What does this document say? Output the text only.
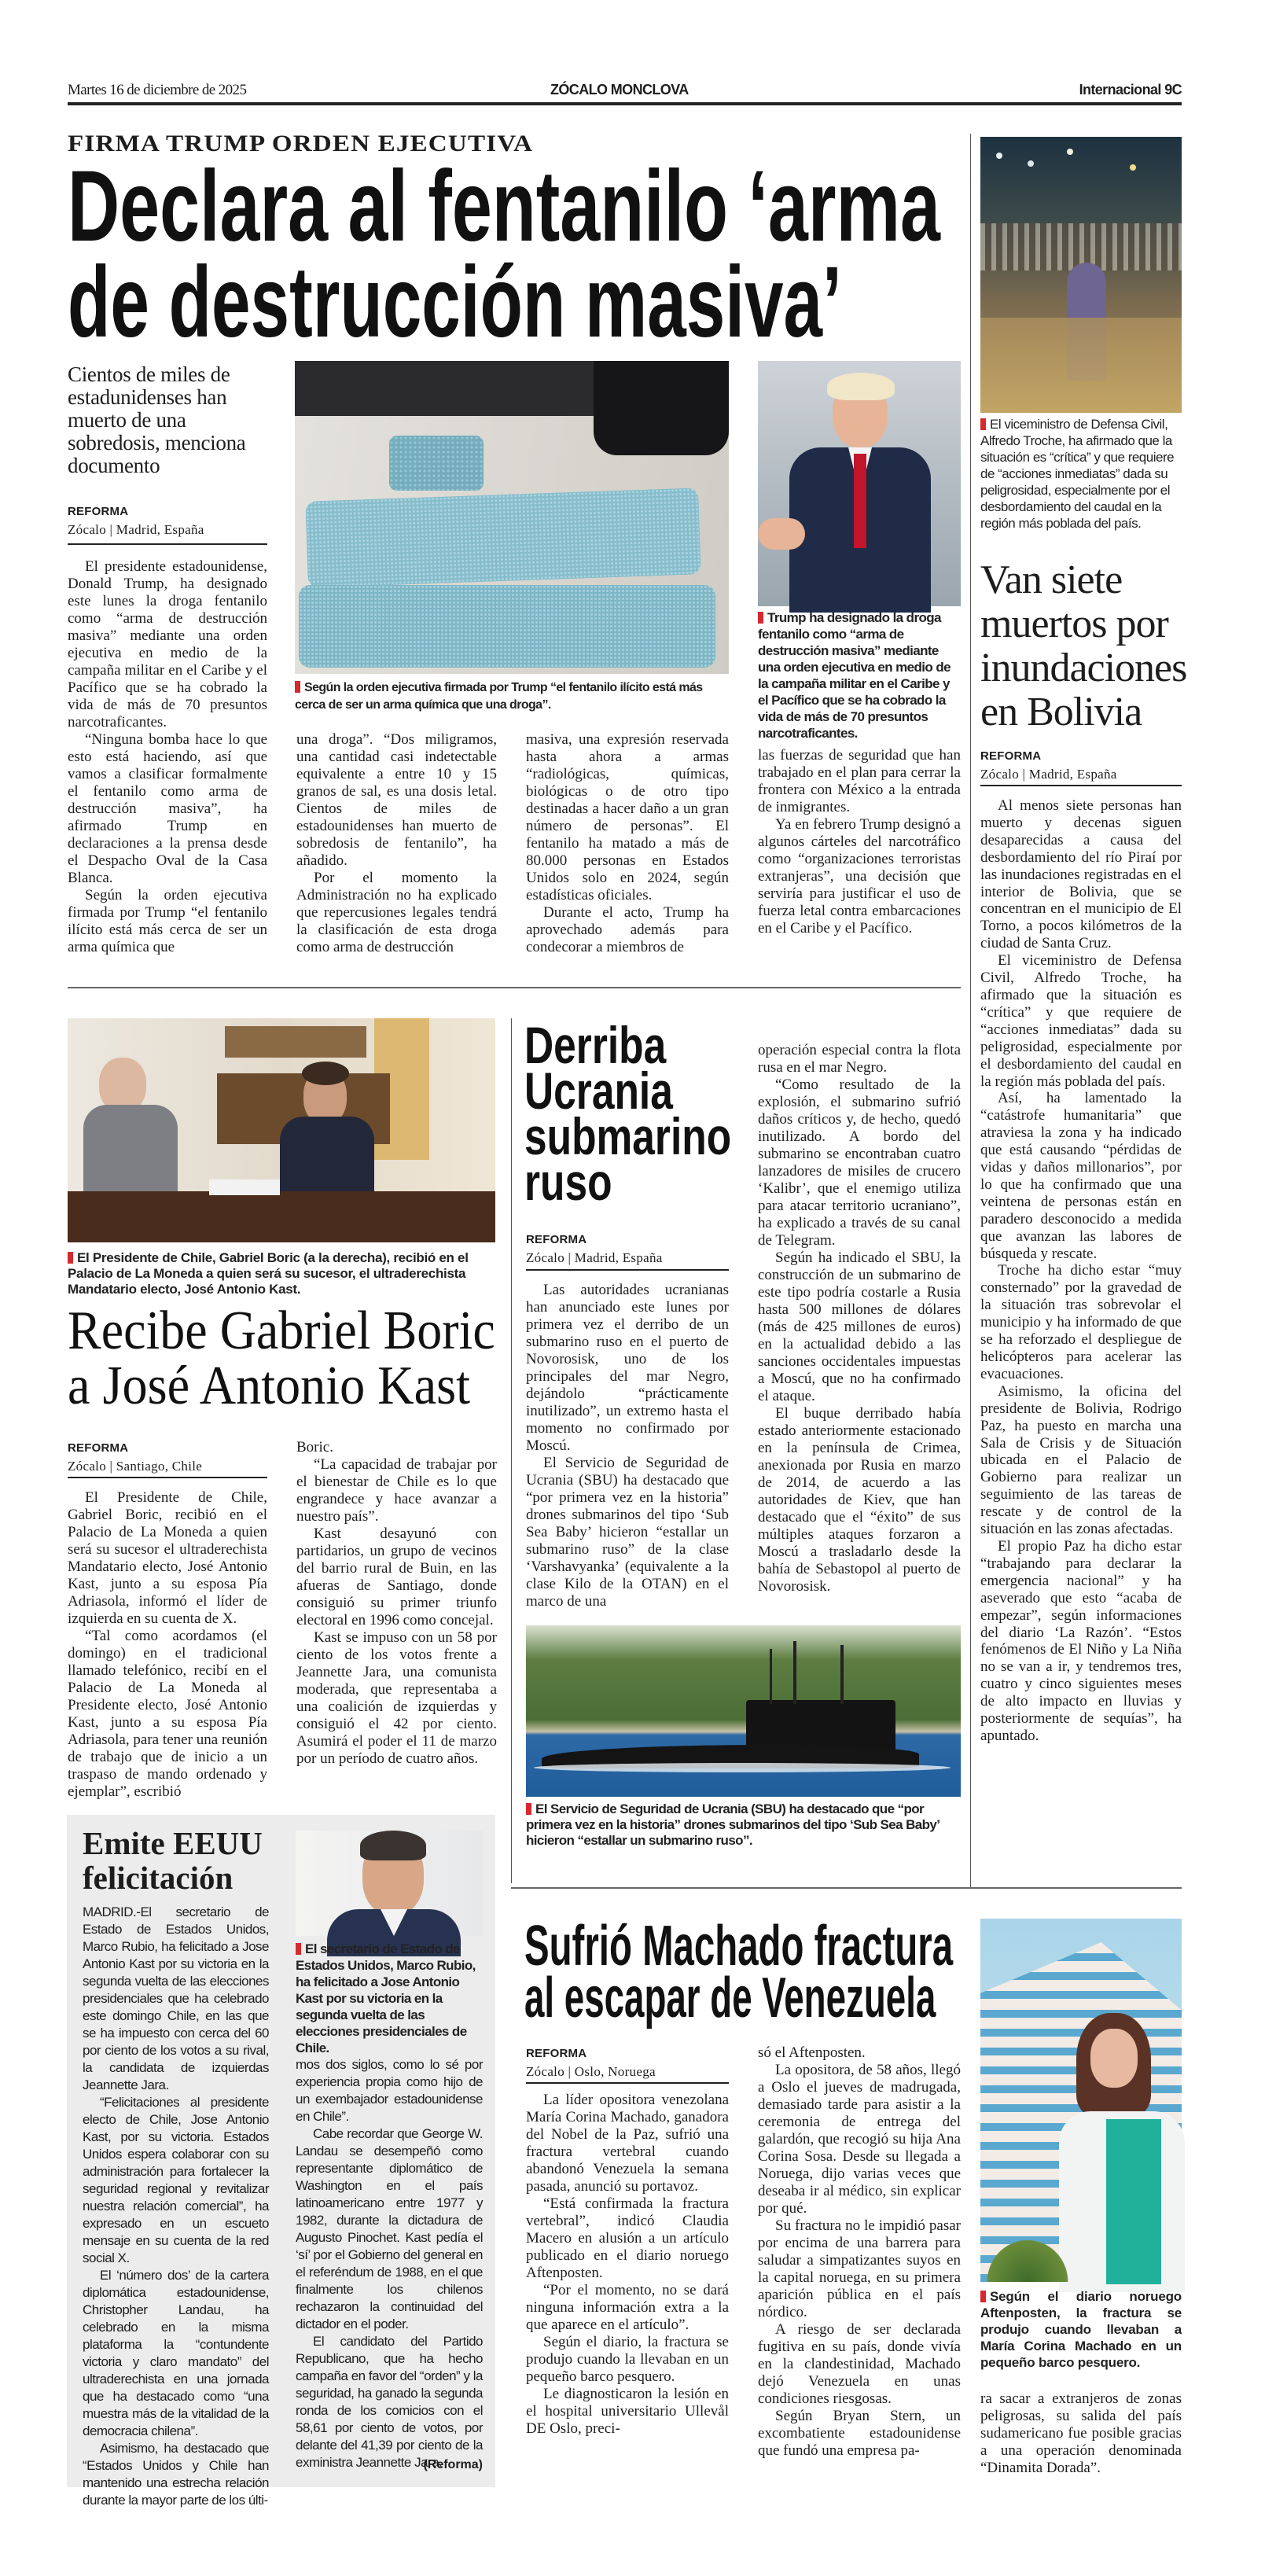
Martes 16 de diciembre de 2025	ZÓCALO MONCLOVA	Internacional 9C
FIRMA TRUMP ORDEN EJECUTIVA
Declara al fentanilo ‘arma
de destrucción masiva’
Cientos de miles de estadunidenses han muerto de una sobredosis, menciona documento
REFORMA
Zócalo | Madrid, España
Según la orden ejecutiva firmada por Trump “el fentanilo ilícito está más cerca de ser un arma química que una droga”.
Trump ha designado la droga fentanilo como “arma de destrucción masiva” mediante una orden ejecutiva en medio de la campaña militar en el Caribe y el Pacífico que se ha cobrado la vida de más de 70 presuntos narcotraficantes.

El presidente estadounidense, Donald Trump, ha designado este lunes la droga fentanilo como “arma de destrucción masiva” mediante una orden ejecutiva en medio de la campaña militar en el Caribe y el Pacífico que se ha cobrado la vida de más de 70 presuntos narcotraficantes.

“Ninguna bomba hace lo que esto está haciendo, así que vamos a clasificar formalmente el fentanilo como arma de destrucción masiva”, ha afirmado Trump en declaraciones a la prensa desde el Despacho Oval de la Casa Blanca.

Según la orden ejecutiva firmada por Trump “el fentanilo ilícito está más cerca de ser un arma química que

una droga”. “Dos miligramos, una cantidad casi indetectable equivalente a entre 10 y 15 granos de sal, es una dosis letal. Cientos de miles de estadounidenses han muerto de sobredosis de fentanilo”, ha añadido.

Por el momento la Administración no ha explicado que repercusiones legales tendrá la clasificación de esta droga como arma de destrucción

masiva, una expresión reservada hasta ahora a armas “radiológicas, químicas, biológicas o de otro tipo destinadas a hacer daño a un gran número de personas”. El fentanilo ha matado a más de 80.000 personas en Estados Unidos solo en 2024, según estadísticas oficiales.

Durante el acto, Trump ha aprovechado además para condecorar a miembros de

las fuerzas de seguridad que han trabajado en el plan para cerrar la frontera con México a la entrada de inmigrantes.

Ya en febrero Trump designó a algunos cárteles del narcotráfico como “organizaciones terroristas extranjeras”, una decisión que serviría para justificar el uso de fuerza letal contra embarcaciones en el Caribe y el Pacífico.

El viceministro de Defensa Civil, Alfredo Troche, ha afirmado que la situación es “crítica” y que requiere de “acciones inmediatas” dada su peligrosidad, especialmente por el desbordamiento del caudal en la región más poblada del país.
Van siete muertos por inundaciones en Bolivia
REFORMA
Zócalo | Madrid, España

Al menos siete personas han muerto y decenas siguen desaparecidas a causa del desbordamiento del río Piraí por las inundaciones registradas en el interior de Bolivia, que se concentran en el municipio de El Torno, a pocos kilómetros de la ciudad de Santa Cruz.

El viceministro de Defensa Civil, Alfredo Troche, ha afirmado que la situación es “crítica” y que requiere de “acciones inmediatas” dada su peligrosidad, especialmente por el desbordamiento del caudal en la región más poblada del país.

Así, ha lamentado la “catástrofe humanitaria” que atraviesa la zona y ha indicado que está causando “pérdidas de vidas y daños millonarios”, por lo que ha confirmado que una veintena de personas están en paradero desconocido a medida que avanzan las labores de búsqueda y rescate.

Troche ha dicho estar “muy consternado” por la gravedad de la situación tras sobrevolar el municipio y ha informado de que se ha reforzado el despliegue de helicópteros para acelerar las evacuaciones.

Asimismo, la oficina del presidente de Bolivia, Rodrigo Paz, ha puesto en marcha una Sala de Crisis y de Situación ubicada en el Palacio de Gobierno para realizar un seguimiento de las tareas de rescate y de control de la situación en las zonas afectadas.

El propio Paz ha dicho estar “trabajando para declarar la emergencia nacional” y ha aseverado que esto “acaba de empezar”, según informaciones del diario ‘La Razón’. “Estos fenómenos de El Niño y La Niña no se van a ir, y tendremos tres, cuatro y cinco siguientes meses de alto impacto en lluvias y posteriormente de sequías”, ha apuntado.

El Presidente de Chile, Gabriel Boric (a la derecha), recibió en el Palacio de La Moneda a quien será su sucesor, el ultraderechista Mandatario electo, José Antonio Kast.
Recibe Gabriel Boric
a José Antonio Kast
REFORMA
Zócalo | Santiago, Chile

El Presidente de Chile, Gabriel Boric, recibió en el Palacio de La Moneda a quien será su sucesor el ultraderechista Mandatario electo, José Antonio Kast, junto a su esposa Pía Adriasola, informó el líder de izquierda en su cuenta de X.

“Tal como acordamos (el domingo) en el tradicional llamado telefónico, recibí en el Palacio de La Moneda al Presidente electo, José Antonio Kast, junto a su esposa Pía Adriasola, para tener una reunión de trabajo que de inicio a un traspaso de mando ordenado y ejemplar”, escribió

Boric.

“La capacidad de trabajar por el bienestar de Chile es lo que engrandece y hace avanzar a nuestro país”.

Kast desayunó con partidarios, un grupo de vecinos del barrio rural de Buin, en las afueras de Santiago, donde consiguió su primer triunfo electoral en 1996 como concejal.

Kast se impuso con un 58 por ciento de los votos frente a Jeannette Jara, una comunista moderada, que representaba a una coalición de izquierdas y consiguió el 42 por ciento. Asumirá el poder el 11 de marzo por un período de cuatro años.

Derriba
Ucrania
submarino
ruso
REFORMA
Zócalo | Madrid, España

Las autoridades ucranianas han anunciado este lunes por primera vez el derribo de un submarino ruso en el puerto de Novorosisk, uno de los principales del mar Negro, dejándolo “prácticamente inutilizado”, un extremo hasta el momento no confirmado por Moscú.

El Servicio de Seguridad de Ucrania (SBU) ha destacado que “por primera vez en la historia” drones submarinos del tipo ‘Sub Sea Baby’ hicieron “estallar un submarino ruso” de la clase ‘Varshavyanka’ (equivalente a la clase Kilo de la OTAN) en el marco de una

operación especial contra la flota rusa en el mar Negro.

“Como resultado de la explosión, el submarino sufrió daños críticos y, de hecho, quedó inutilizado. A bordo del submarino se encontraban cuatro lanzadores de misiles de crucero ‘Kalibr’, que el enemigo utiliza para atacar territorio ucraniano”, ha explicado a través de su canal de Telegram.

Según ha indicado el SBU, la construcción de un submarino de este tipo podría costarle a Rusia hasta 500 millones de dólares (más de 425 millones de euros) en la actualidad debido a las sanciones occidentales impuestas a Moscú, que no ha confirmado el ataque.

El buque derribado había estado anteriormente estacionado en la península de Crimea, anexionada por Rusia en marzo de 2014, de acuerdo a las autoridades de Kiev, que han destacado que el “éxito” de sus múltiples ataques forzaron a Moscú a trasladarlo desde la bahía de Sebastopol al puerto de Novorosisk.

El Servicio de Seguridad de Ucrania (SBU) ha destacado que “por primera vez en la historia” drones submarinos del tipo ‘Sub Sea Baby’ hicieron “estallar un submarino ruso”.
Emite EEUU felicitación

MADRID.-El secretario de Estado de Estados Unidos, Marco Rubio, ha felicitado a Jose Antonio Kast por su victoria en la segunda vuelta de las elecciones presidenciales que ha celebrado este domingo Chile, en las que se ha impuesto con cerca del 60 por ciento de los votos a su rival, la candidata de izquierdas Jeannette Jara.

“Felicitaciones al presidente electo de Chile, Jose Antonio Kast, por su victoria. Estados Unidos espera colaborar con su administración para fortalecer la seguridad regional y revitalizar nuestra relación comercial”, ha expresado en un escueto mensaje en su cuenta de la red social X.

El ‘número dos’ de la cartera diplomática estadounidense, Christopher Landau, ha celebrado en la misma plataforma la “contundente victoria y claro mandato” del ultraderechista en una jornada que ha destacado como “una muestra más de la vitalidad de la democracia chilena”.

Asimismo, ha destacado que “Estados Unidos y Chile han mantenido una estrecha relación durante la mayor parte de los últi-

El secretario de Estado de Estados Unidos, Marco Rubio, ha felicitado a Jose Antonio Kast por su victoria en la segunda vuelta de las elecciones presidenciales de Chile.

mos dos siglos, como lo sé por experiencia propia como hijo de un exembajador estadounidense en Chile”.

Cabe recordar que George W. Landau se desempeñó como representante diplomático de Washington en el país latinoamericano entre 1977 y 1982, durante la dictadura de Augusto Pinochet. Kast pedía el ‘sí’ por el Gobierno del general en el referéndum de 1988, en el que finalmente los chilenos rechazaron la continuidad del dictador en el poder.

El candidato del Partido Republicano, que ha hecho campaña en favor del “orden” y la seguridad, ha ganado la segunda ronda de los comicios con el 58,61 por ciento de votos, por delante del 41,39 por ciento de la exministra Jeannette Jara.

(Reforma)
Sufrió Machado fractura
al escapar de Venezuela
REFORMA
Zócalo | Oslo, Noruega

La líder opositora venezolana María Corina Machado, ganadora del Nobel de la Paz, sufrió una fractura vertebral cuando abandonó Venezuela la semana pasada, anunció su portavoz.

“Está confirmada la fractura vertebral”, indicó Claudia Macero en alusión a un artículo publicado en el diario noruego Aftenposten.

“Por el momento, no se dará ninguna información extra a la que aparece en el artículo”.

Según el diario, la fractura se produjo cuando la llevaban en un pequeño barco pesquero.

Le diagnosticaron la lesión en el hospital universitario Ullevål DE Oslo, preci-

só el Aftenposten.

La opositora, de 58 años, llegó a Oslo el jueves de madrugada, demasiado tarde para asistir a la ceremonia de entrega del galardón, que recogió su hija Ana Corina Sosa. Desde su llegada a Noruega, dijo varias veces que deseaba ir al médico, sin explicar por qué.

Su fractura no le impidió pasar por encima de una barrera para saludar a simpatizantes suyos en la capital noruega, en su primera aparición pública en el país nórdico.

A riesgo de ser declarada fugitiva en su país, donde vivía en la clandestinidad, Machado dejó Venezuela en unas condiciones riesgosas.

Según Bryan Stern, un excombatiente estadounidense que fundó una empresa pa-

Según el diario noruego Aftenposten, la fractura se produjo cuando llevaban a María Corina Machado en un pequeño barco pesquero.

ra sacar a extranjeros de zonas peligrosas, su salida del país sudamericano fue posible gracias a una operación denominada “Dinamita Dorada”.
